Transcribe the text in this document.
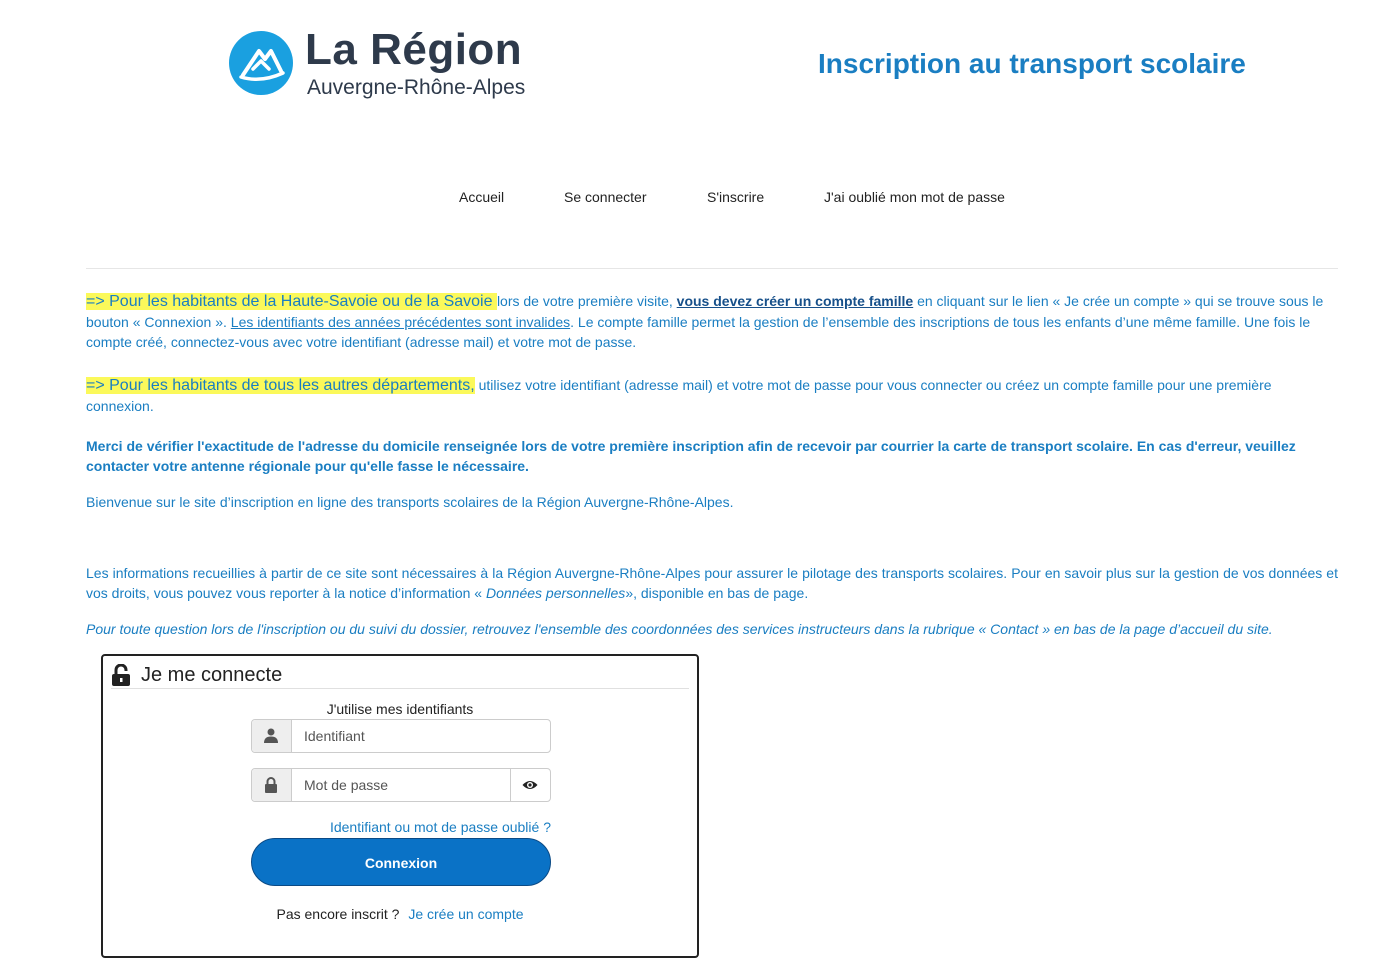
La Région
Auvergne-Rhône-Alpes
Inscription au transport scolaire
Accueil	Se connecter	S'inscrire	J'ai oublié mon mot de passe

=> Pour les habitants de la Haute-Savoie ou de la Savoie lors de votre première visite, vous devez créer un compte famille en cliquant sur le lien « Je crée un compte » qui se trouve sous le bouton « Connexion ». Les identifiants des années précédentes sont invalides. Le compte famille permet la gestion de l’ensemble des inscriptions de tous les enfants d’une même famille. Une fois le compte créé, connectez-vous avec votre identifiant (adresse mail) et votre mot de passe.

=> Pour les habitants de tous les autres départements, utilisez votre identifiant (adresse mail) et votre mot de passe pour vous connecter ou créez un compte famille pour une première connexion.

Merci de vérifier l'exactitude de l'adresse du domicile renseignée lors de votre première inscription afin de recevoir par courrier la carte de transport scolaire. En cas d'erreur, veuillez contacter votre antenne régionale pour qu'elle fasse le nécessaire.

Bienvenue sur le site d’inscription en ligne des transports scolaires de la Région Auvergne-Rhône-Alpes.

Les informations recueillies à partir de ce site sont nécessaires à la Région Auvergne-Rhône-Alpes pour assurer le pilotage des transports scolaires. Pour en savoir plus sur la gestion de vos données et vos droits, vous pouvez vous reporter à la notice d’information « Données personnelles», disponible en bas de page.

Pour toute question lors de l'inscription ou du suivi du dossier, retrouvez l'ensemble des coordonnées des services instructeurs dans la rubrique « Contact » en bas de la page d’accueil du site.

Je me connecte
J'utilise mes identifiants
Identifiant
Identifiant ou mot de passe oublié ?
Connexion
Pas encore inscrit ? Je crée un compte
